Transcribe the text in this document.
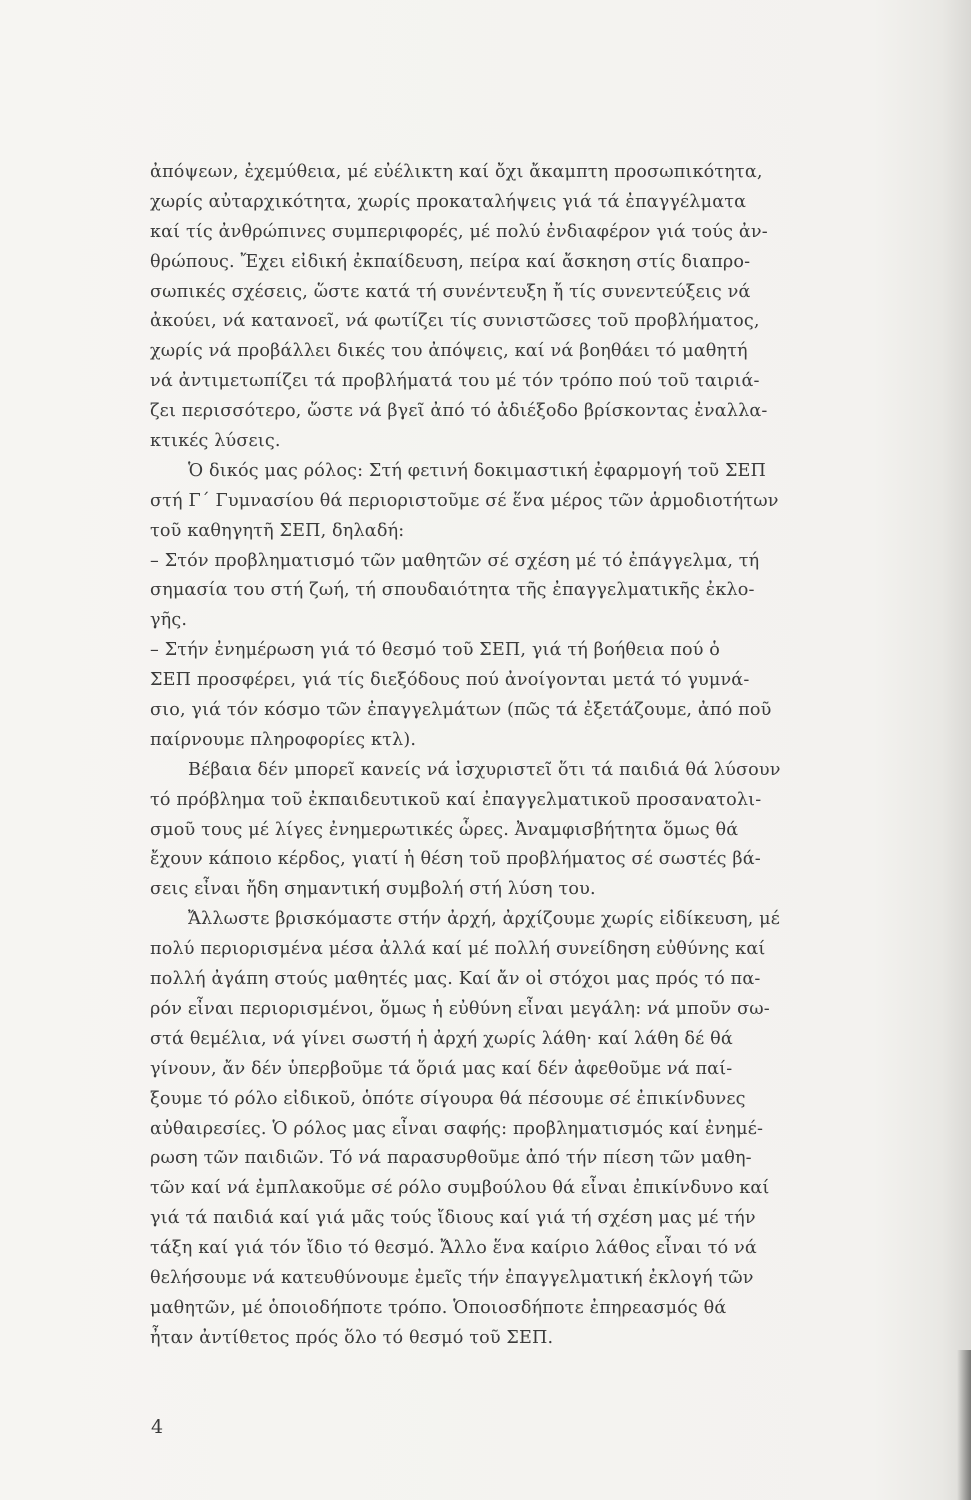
ἀπόψεων, ἐχεμύθεια, μέ εὐέλικτη καί ὄχι ἄκαμπτη προσωπικότητα,
χωρίς αὐταρχικότητα, χωρίς προκαταλήψεις γιά τά ἐπαγγέλματα
καί τίς ἀνθρώπινες συμπεριφορές, μέ πολύ ἐνδιαφέρον γιά τούς ἀν-
θρώπους. Ἔχει εἰδική ἐκπαίδευση, πείρα καί ἄσκηση στίς διαπρο-
σωπικές σχέσεις, ὥστε κατά τή συνέντευξη ἤ τίς συνεντεύξεις νά
ἀκούει, νά κατανοεῖ, νά φωτίζει τίς συνιστῶσες τοῦ προβλήματος,
χωρίς νά προβάλλει δικές του ἀπόψεις, καί νά βοηθάει τό μαθητή
νά ἀντιμετωπίζει τά προβλήματά του μέ τόν τρόπο πού τοῦ ταιριά-
ζει περισσότερο, ὥστε νά βγεῖ ἀπό τό ἀδιέξοδο βρίσκοντας ἐναλλα-
κτικές λύσεις.
Ὁ δικός μας ρόλος: Στή φετινή δοκιμαστική ἐφαρμογή τοῦ ΣΕΠ
στή Γ΄ Γυμνασίου θά περιοριστοῦμε σέ ἕνα μέρος τῶν ἁρμοδιοτήτων
τοῦ καθηγητῆ ΣΕΠ, δηλαδή:
– Στόν προβληματισμό τῶν μαθητῶν σέ σχέση μέ τό ἐπάγγελμα, τή
σημασία του στή ζωή, τή σπουδαιότητα τῆς ἐπαγγελματικῆς ἐκλο-
γῆς.
– Στήν ἐνημέρωση γιά τό θεσμό τοῦ ΣΕΠ, γιά τή βοήθεια πού ὁ
ΣΕΠ προσφέρει, γιά τίς διεξόδους πού ἀνοίγονται μετά τό γυμνά-
σιο, γιά τόν κόσμο τῶν ἐπαγγελμάτων (πῶς τά ἐξετάζουμε, ἀπό ποῦ
παίρνουμε πληροφορίες κτλ).
Βέβαια δέν μπορεῖ κανείς νά ἰσχυριστεῖ ὅτι τά παιδιά θά λύσουν
τό πρόβλημα τοῦ ἐκπαιδευτικοῦ καί ἐπαγγελματικοῦ προσανατολι-
σμοῦ τους μέ λίγες ἐνημερωτικές ὧρες. Ἀναμφισβήτητα ὅμως θά
ἔχουν κάποιο κέρδος, γιατί ἡ θέση τοῦ προβλήματος σέ σωστές βά-
σεις εἶναι ἤδη σημαντική συμβολή στή λύση του.
Ἄλλωστε βρισκόμαστε στήν ἀρχή, ἀρχίζουμε χωρίς εἰδίκευση, μέ
πολύ περιορισμένα μέσα ἀλλά καί μέ πολλή συνείδηση εὐθύνης καί
πολλή ἀγάπη στούς μαθητές μας. Καί ἄν οἱ στόχοι μας πρός τό πα-
ρόν εἶναι περιορισμένοι, ὅμως ἡ εὐθύνη εἶναι μεγάλη: νά μποῦν σω-
στά θεμέλια, νά γίνει σωστή ἡ ἀρχή χωρίς λάθη· καί λάθη δέ θά
γίνουν, ἄν δέν ὑπερβοῦμε τά ὅριά μας καί δέν ἀφεθοῦμε νά παί-
ξουμε τό ρόλο εἰδικοῦ, ὁπότε σίγουρα θά πέσουμε σέ ἐπικίνδυνες
αὐθαιρεσίες. Ὁ ρόλος μας εἶναι σαφής: προβληματισμός καί ἐνημέ-
ρωση τῶν παιδιῶν. Τό νά παρασυρθοῦμε ἀπό τήν πίεση τῶν μαθη-
τῶν καί νά ἐμπλακοῦμε σέ ρόλο συμβούλου θά εἶναι ἐπικίνδυνο καί
γιά τά παιδιά καί γιά μᾶς τούς ἴδιους καί γιά τή σχέση μας μέ τήν
τάξη καί γιά τόν ἴδιο τό θεσμό. Ἄλλο ἕνα καίριο λάθος εἶναι τό νά
θελήσουμε νά κατευθύνουμε ἐμεῖς τήν ἐπαγγελματική ἐκλογή τῶν
μαθητῶν, μέ ὁποιοδήποτε τρόπο. Ὁποιοσδήποτε ἐπηρεασμός θά
ἦταν ἀντίθετος πρός ὅλο τό θεσμό τοῦ ΣΕΠ.
4
